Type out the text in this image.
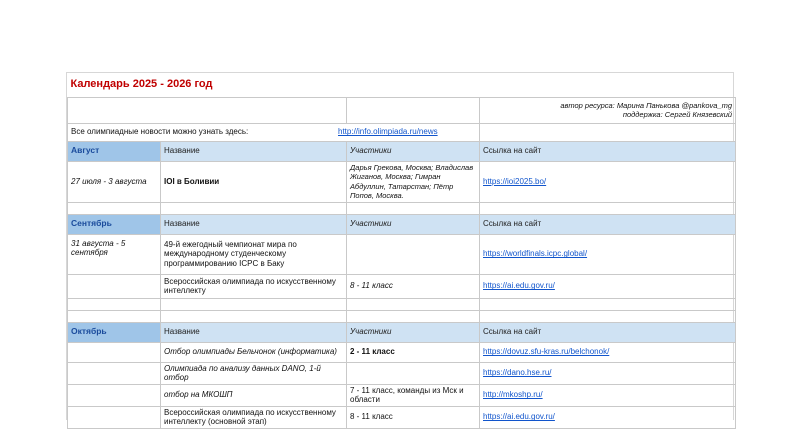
Календарь 2025 - 2026 год			

			автор ресурса: Марина Панькова @pankova_mg
поддержка: Сергей Князевский

Все олимпиадные новости можно узнать здесь:			http://info.olimpiada.ru/news
Август	Название	Участники	Ссылка на сайт
27 июля - 3 августа	IOI в Боливии	Дарья Грекова, Москва; Владислав Жиганов, Москва; Гимран Абдуллин, Татарстан; Пётр Попов, Москва.	https://ioi2025.bo/

Сентябрь	Название	Участники	Ссылка на сайт
31 августа - 5 сентября	49-й ежегодный чемпионат мира по международному студенческому программированию ICPC в Баку		https://worldfinals.icpc.global/
	Всероссийская олимпиада по искусственному интеллекту	8 - 11 класс	https://ai.edu.gov.ru/

Октябрь	Название	Участники	Ссылка на сайт
	Отбор олимпиады Бельчонок (информатика)	2 - 11 класс	https://dovuz.sfu-kras.ru/belchonok/
	Олимпиада по анализу данных DANO, 1-й отбор		https://dano.hse.ru/
	отбор на МКОШП	7 - 11 класс, команды из Мск и области	http://mkoshp.ru/
	Всероссийская олимпиада по искусственному интеллекту (основной этап)	8 - 11 класс	https://ai.edu.gov.ru/
